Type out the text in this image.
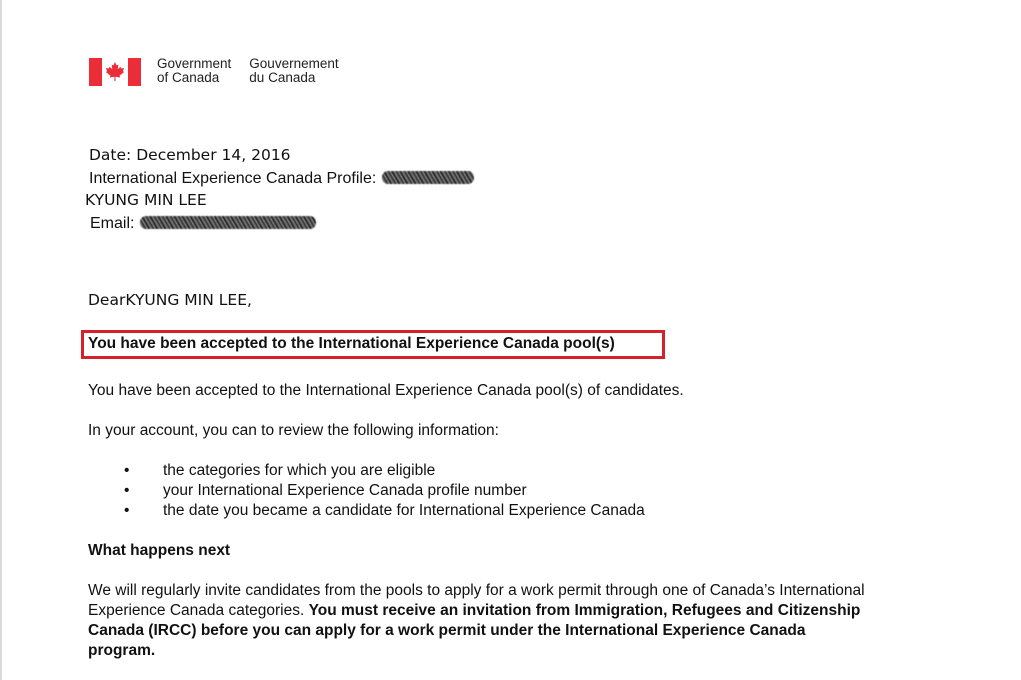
Government
of Canada
Gouvernement
du Canada
Date: December 14, 2016
International Experience Canada Profile:
KYUNG MIN LEE
Email:
DearKYUNG MIN LEE,
You have been accepted to the International Experience Canada pool(s)
You have been accepted to the International Experience Canada pool(s) of candidates.
In your account, you can to review the following information:
• the categories for which you are eligible
• your International Experience Canada profile number
• the date you became a candidate for International Experience Canada
What happens next
We will regularly invite candidates from the pools to apply for a work permit through one of Canada’s International
Experience Canada categories. You must receive an invitation from Immigration, Refugees and Citizenship
Canada (IRCC) before you can apply for a work permit under the International Experience Canada
program.
